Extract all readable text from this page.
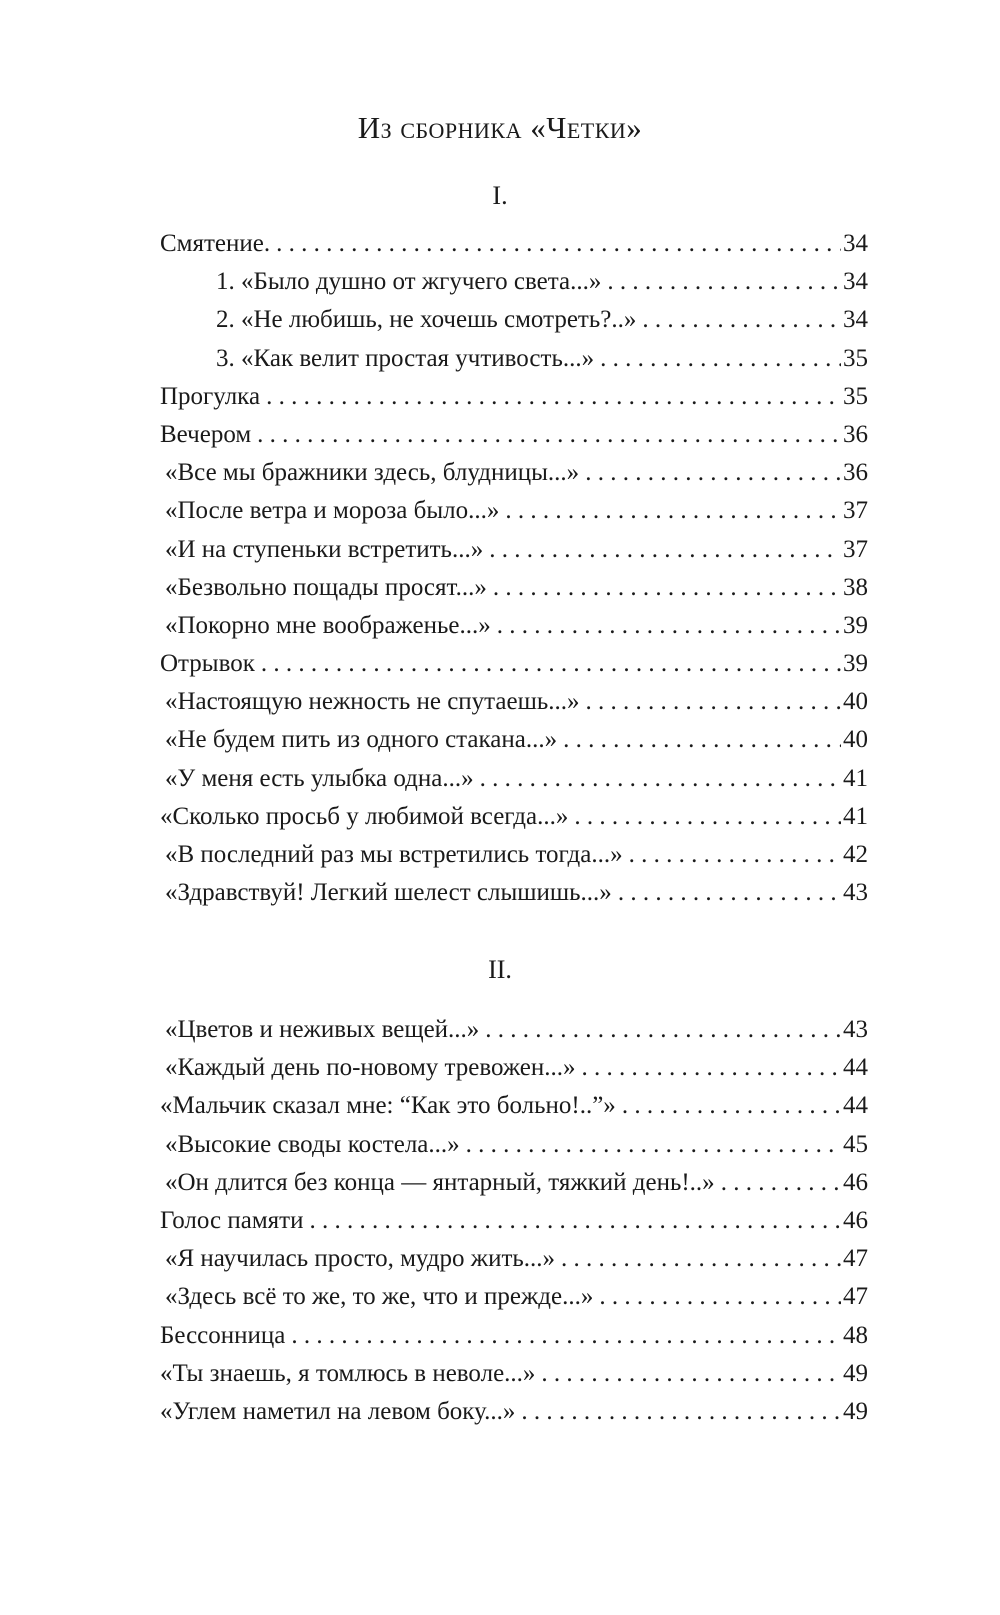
Из сборника «Четки»
I.
Смятение. . . .	34
1. «Было душно от жгучего света...» . . .	34
2. «Не любишь, не хочешь смотреть?..» . . .	34
3. «Как велит простая учтивость...» . . .	35
Прогулка . . .	35
Вечером . . .	36
«Все мы бражники здесь, блудницы...» . . .	36
«После ветра и мороза было...» . . .	37
«И на ступеньки встретить...» . . .	37
«Безвольно пощады просят...» . . .	38
«Покорно мне воображенье...» . . .	39
Отрывок . . .	39
«Настоящую нежность не спутаешь...» . . .	40
«Не будем пить из одного стакана...» . . .	40
«У меня есть улыбка одна...» . . .	41
«Сколько просьб у любимой всегда...» . . .	41
«В последний раз мы встретились тогда...» . . .	42
«Здравствуй! Легкий шелест слышишь...» . . .	43
II.
«Цветов и неживых вещей...» . . .	43
«Каждый день по-новому тревожен...» . . .	44
«Мальчик сказал мне: “Как это больно!..”» . . .	44
«Высокие своды костела...» . . .	45
«Он длится без конца — янтарный, тяжкий день!..» . . .	46
Голос памяти . . .	46
«Я научилась просто, мудро жить...» . . .	47
«Здесь всё то же, то же, что и прежде...» . . .	47
Бессонница . . .	48
«Ты знаешь, я томлюсь в неволе...» . . .	49
«Углем наметил на левом боку...» . . .	49
